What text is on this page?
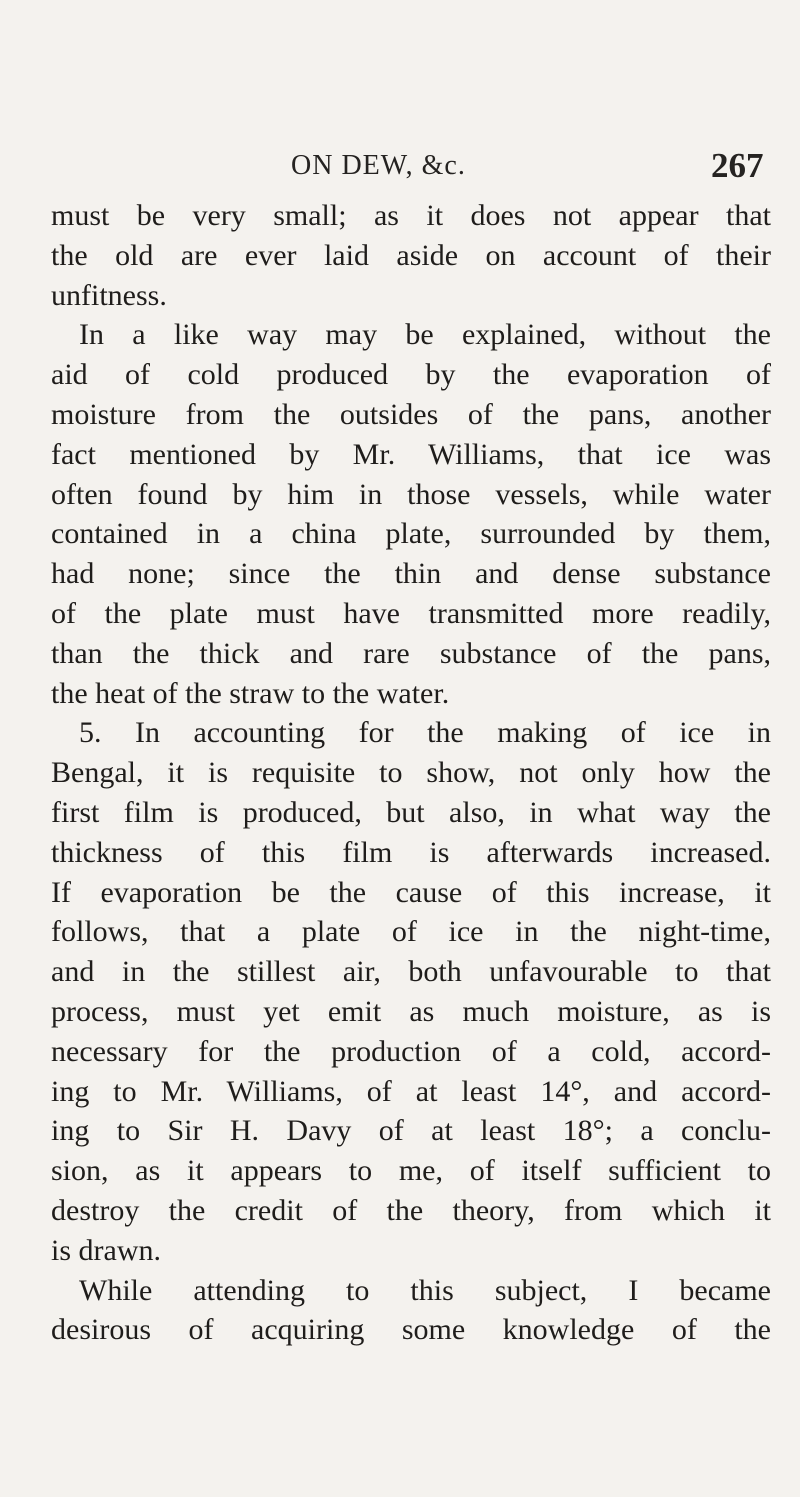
ON DEW, &c.	267
must be very small; as it does not appear that
the old are ever laid aside on account of their
unfitness.
In a like way may be explained, without the
aid of cold produced by the evaporation of
moisture from the outsides of the pans, another
fact mentioned by Mr. Williams, that ice was
often found by him in those vessels, while water
contained in a china plate, surrounded by them,
had none; since the thin and dense substance
of the plate must have transmitted more readily,
than the thick and rare substance of the pans,
the heat of the straw to the water.
5. In accounting for the making of ice in
Bengal, it is requisite to show, not only how the
first film is produced, but also, in what way the
thickness of this film is afterwards increased.
If evaporation be the cause of this increase, it
follows, that a plate of ice in the night-time,
and in the stillest air, both unfavourable to that
process, must yet emit as much moisture, as is
necessary for the production of a cold, accord-
ing to Mr. Williams, of at least 14°, and accord-
ing to Sir H. Davy of at least 18°; a conclu-
sion, as it appears to me, of itself sufficient to
destroy the credit of the theory, from which it
is drawn.
While attending to this subject, I became
desirous of acquiring some knowledge of the
